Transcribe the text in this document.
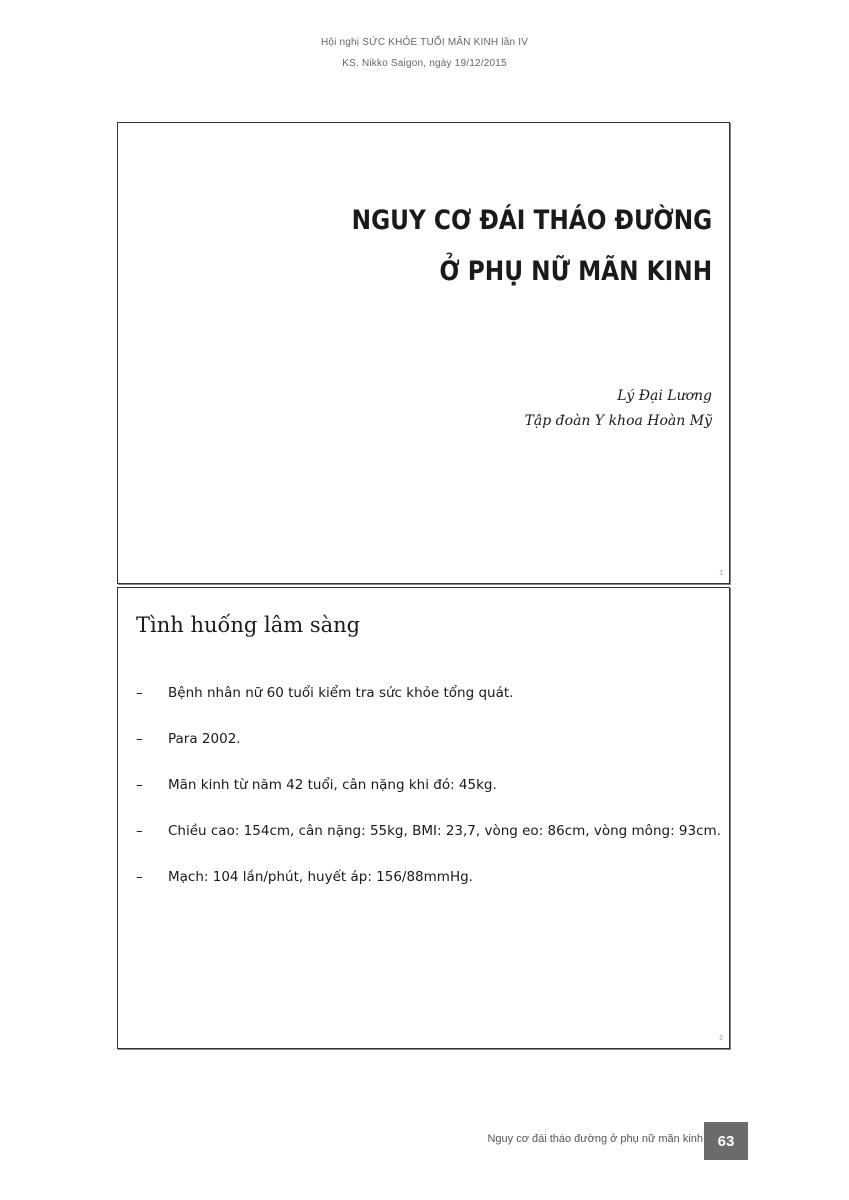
Hội nghị SỨC KHỎE TUỔI MÃN KINH lần IV
KS. Nikko Saigon, ngày 19/12/2015
NGUY CƠ ĐÁI THÁO ĐƯỜNG
Ở PHỤ NỮ MÃN KINH
Lý Đại Lương
Tập đoàn Y khoa Hoàn Mỹ
1
Tình huống lâm sàng
– Bệnh nhân nữ 60 tuổi kiểm tra sức khỏe tổng quát.
– Para 2002.
– Mãn kinh từ năm 42 tuổi, cân nặng khi đó: 45kg.
– Chiều cao: 154cm, cân nặng: 55kg, BMI: 23,7, vòng eo: 86cm, vòng mông: 93cm.
– Mạch: 104 lần/phút, huyết áp: 156/88mmHg.
2
Nguy cơ đái tháo đường ở phụ nữ mãn kinh 63
